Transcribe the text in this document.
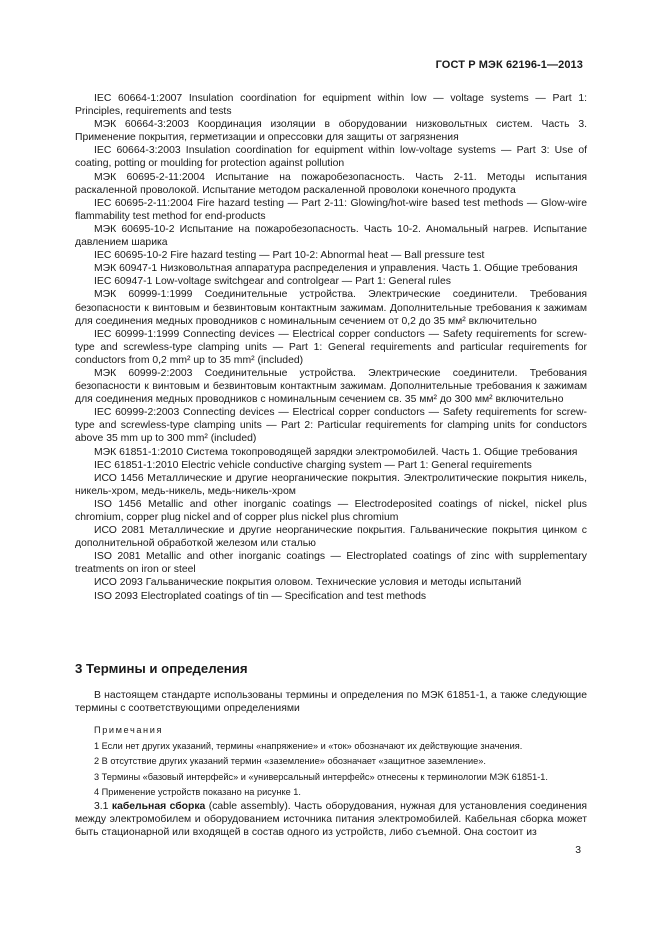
ГОСТ Р МЭК 62196-1—2013

IEC 60664-1:2007 Insulation coordination for equipment within low — voltage systems — Part 1: Principles, requirements and tests

МЭК 60664-3:2003 Координация изоляции в оборудовании низковольтных систем. Часть 3. Применение покрытия, герметизации и опрессовки для защиты от загрязнения

IEC 60664-3:2003 Insulation coordination for equipment within low-voltage systems — Part 3: Use of coating, potting or moulding for protection against pollution

МЭК 60695-2-11:2004 Испытание на пожаробезопасность. Часть 2-11. Методы испытания раскаленной проволокой. Испытание методом раскаленной проволоки конечного продукта

IEC 60695-2-11:2004 Fire hazard testing — Part 2-11: Glowing/hot-wire based test methods — Glow-wire flammability test method for end-products

МЭК 60695-10-2 Испытание на пожаробезопасность. Часть 10-2. Аномальный нагрев. Испытание давлением шарика

IEC 60695-10-2 Fire hazard testing — Part 10-2: Abnormal heat — Ball pressure test

МЭК 60947-1 Низковольтная аппаратура распределения и управления. Часть 1. Общие требования

IEC 60947-1 Low-voltage switchgear and controlgear — Part 1: General rules

МЭК 60999-1:1999 Соединительные устройства. Электрические соединители. Требования безопасности к винтовым и безвинтовым контактным зажимам. Дополнительные требования к зажимам для соединения медных проводников с номинальным сечением от 0,2 до 35 мм² включительно

IEC 60999-1:1999 Connecting devices — Electrical copper conductors — Safety requirements for screw-type and screwless-type clamping units — Part 1: General requirements and particular requirements for conductors from 0,2 mm² up to 35 mm² (included)

МЭК 60999-2:2003 Соединительные устройства. Электрические соединители. Требования безопасности к винтовым и безвинтовым контактным зажимам. Дополнительные требования к зажимам для соединения медных проводников с номинальным сечением св. 35 мм² до 300 мм² включительно

IEC 60999-2:2003 Connecting devices — Electrical copper conductors — Safety requirements for screw-type and screwless-type clamping units — Part 2: Particular requirements for clamping units for conductors above 35 mm up to 300 mm² (included)

МЭК 61851-1:2010 Система токопроводящей зарядки электромобилей. Часть 1. Общие требования

IEC 61851-1:2010 Electric vehicle conductive charging system — Part 1: General requirements

ИСО 1456 Металлические и другие неорганические покрытия. Электролитические покрытия никель, никель-хром, медь-никель, медь-никель-хром

ISO 1456 Metallic and other inorganic coatings — Electrodeposited coatings of nickel, nickel plus chromium, copper plug nickel and of copper plus nickel plus chromium

ИСО 2081 Металлические и другие неорганические покрытия. Гальванические покрытия цинком с дополнительной обработкой железом или сталью

ISO 2081 Metallic and other inorganic coatings — Electroplated coatings of zinc with supplementary treatments on iron or steel

ИСО 2093 Гальванические покрытия оловом. Технические условия и методы испытаний

ISO 2093 Electroplated coatings of tin — Specification and test methods

3 Термины и определения

В настоящем стандарте использованы термины и определения по МЭК 61851-1, а также следующие термины с соответствующими определениями

Примечания
1 Если нет других указаний, термины «напряжение» и «ток» обозначают их действующие значения.
2 В отсутствие других указаний термин «заземление» обозначает «защитное заземление».
3 Термины «базовый интерфейс» и «универсальный интерфейс» отнесены к терминологии МЭК 61851-1.
4 Применение устройств показано на рисунке 1.

3.1 кабельная сборка (cable assembly). Часть оборудования, нужная для установления соединения между электромобилем и оборудованием источника питания электромобилей. Кабельная сборка может быть стационарной или входящей в состав одного из устройств, либо съемной. Она состоит из

3
